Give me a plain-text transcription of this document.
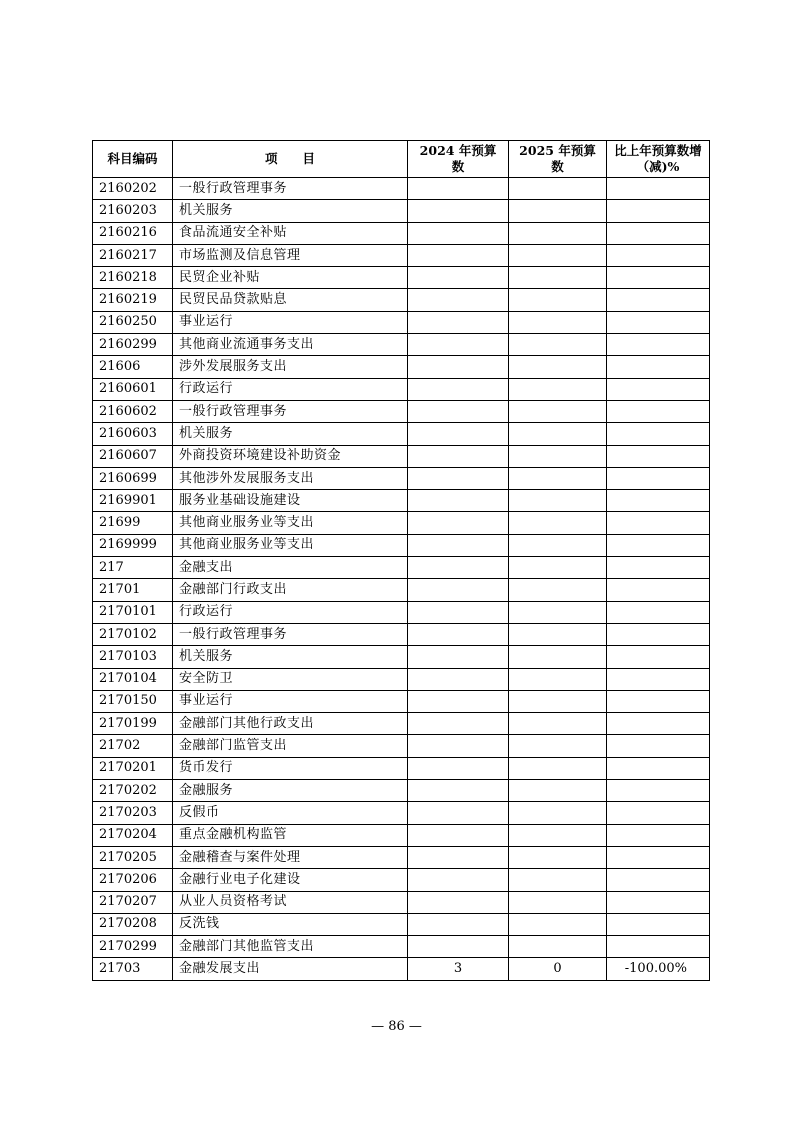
科目编码	项　　目	2024 年预算数	2025 年预算数	比上年预算数增（减)%
2160202	一般行政管理事务			
2160203	机关服务			
2160216	食品流通安全补贴			
2160217	市场监测及信息管理			
2160218	民贸企业补贴			
2160219	民贸民品贷款贴息			
2160250	事业运行			
2160299	其他商业流通事务支出			
21606	涉外发展服务支出			
2160601	行政运行			
2160602	一般行政管理事务			
2160603	机关服务			
2160607	外商投资环境建设补助资金			
2160699	其他涉外发展服务支出			
2169901	服务业基础设施建设			
21699	其他商业服务业等支出			
2169999	其他商业服务业等支出			
217	金融支出			
21701	金融部门行政支出			
2170101	行政运行			
2170102	一般行政管理事务			
2170103	机关服务			
2170104	安全防卫			
2170150	事业运行			
2170199	金融部门其他行政支出			
21702	金融部门监管支出			
2170201	货币发行			
2170202	金融服务			
2170203	反假币			
2170204	重点金融机构监管			
2170205	金融稽查与案件处理			
2170206	金融行业电子化建设			
2170207	从业人员资格考试			
2170208	反洗钱			
2170299	金融部门其他监管支出			
21703	金融发展支出	3	0	-100.00%
— 86 —
